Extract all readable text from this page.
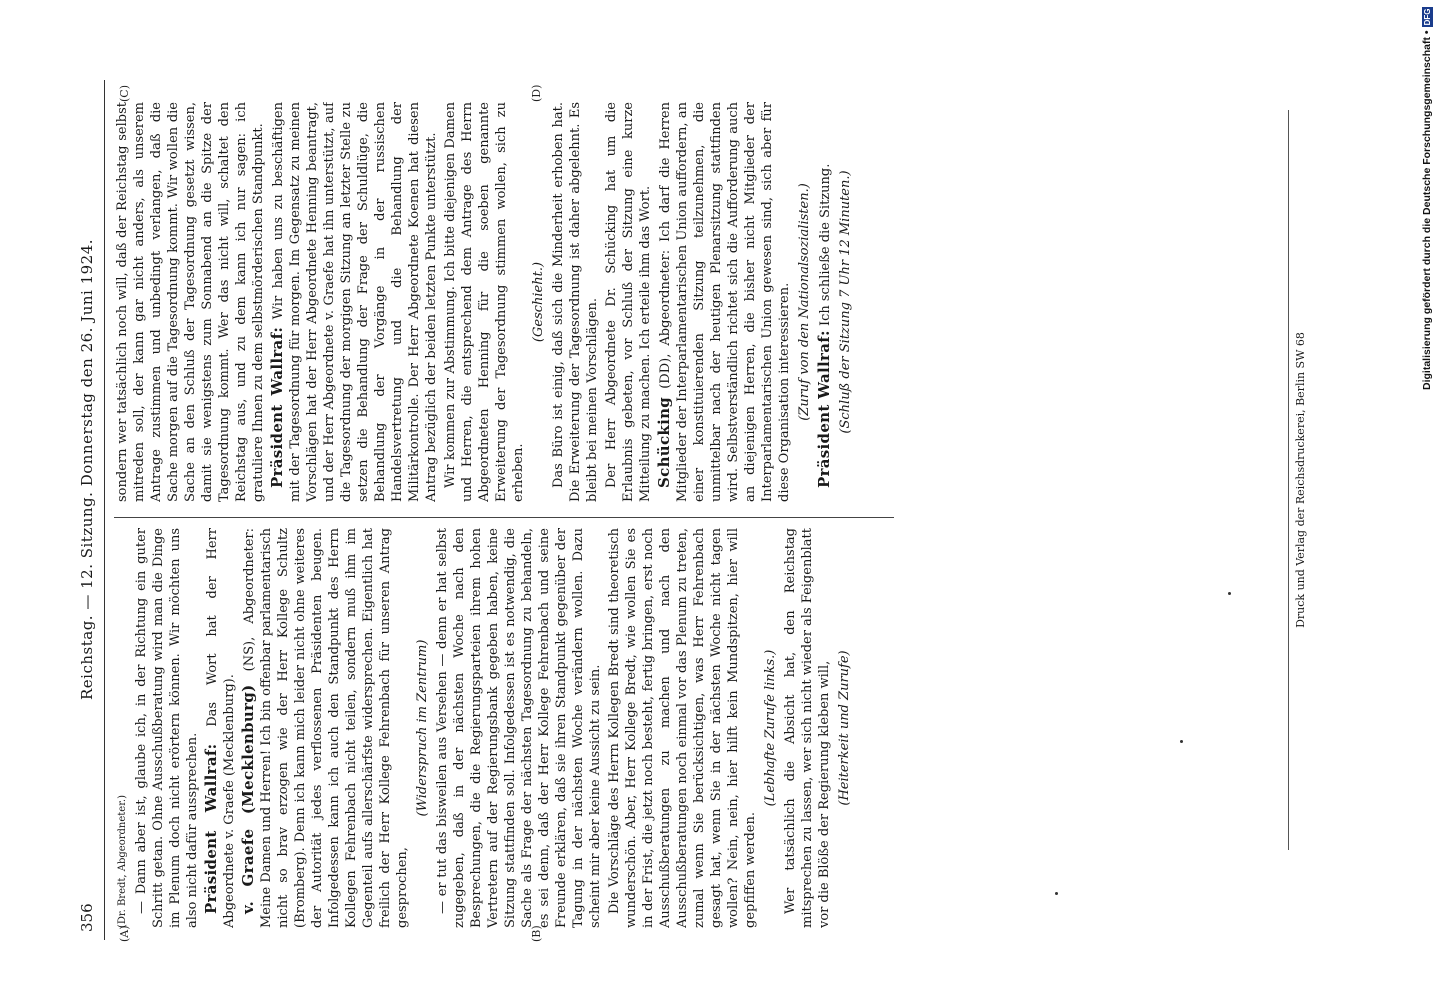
356
Reichstag. — 12. Sitzung. Donnerstag den 26. Juni 1924.
(A)	(B)
(C)	(D)

(Dr. Bredt, Abgeordneter.) — Dann aber ist, glaube ich, in der Richtung ein guter Schritt getan. Ohne Ausschußberatung wird man die Dinge im Plenum doch nicht erörtern können. Wir möchten uns also nicht dafür aussprechen. Präsident Wallraf: Das Wort hat der Herr Abgeordnete v. Graefe (Mecklenburg). v. Graefe (Mecklenburg) (NS), Abgeordneter: Meine Damen und Herren! Ich bin offenbar parlamentarisch nicht so brav erzogen wie der Herr Kollege Schultz (Bromberg). Denn ich kann mich leider nicht ohne weiteres der Autorität jedes verflossenen Präsidenten beugen. Infolgedessen kann ich auch den Standpunkt des Herrn Kollegen Fehrenbach nicht teilen, sondern muß ihm im Gegenteil aufs allerschärfste widersprechen. Eigentlich hat freilich der Herr Kollege Fehrenbach für unseren Antrag gesprochen,

(Widerspruch im Zentrum) — er tut das bisweilen aus Versehen — denn er hat selbst zugegeben, daß in der nächsten Woche nach den Besprechungen, die die Regierungsparteien ihrem hohen Vertretern auf der Regierungsbank gegeben haben, keine Sitzung stattfinden soll. Infolgedessen ist es notwendig, die Sache als Frage der nächsten Tagesordnung zu behandeln, es sei denn, daß der Herr Kollege Fehrenbach und seine Freunde erklären, daß sie ihren Standpunkt gegenüber der Tagung in der nächsten Woche verändern wollen. Dazu scheint mir aber keine Aussicht zu sein. Die Vorschläge des Herrn Kollegen Bredt sind theoretisch wunderschön. Aber, Herr Kollege Bredt, wie wollen Sie es in der Frist, die jetzt noch besteht, fertig bringen, erst noch Ausschußberatungen zu machen und nach den Ausschußberatungen noch einmal vor das Plenum zu treten, zumal wenn Sie berücksichtigen, was Herr Fehrenbach gesagt hat, wenn Sie in der nächsten Woche nicht tagen wollen? Nein, nein, hier hilft kein Mundspitzen, hier will gepfiffen werden.

(Lebhafte Zurufe links.) Wer tatsächlich die Absicht hat, den Reichstag mitsprechen zu lassen, wer sich nicht wieder als Feigenblatt vor die Blöße der Regierung kleben will, (Heiterkeit und Zurufe)

sondern wer tatsächlich noch will, daß der Reichstag selbst mitreden soll, der kann gar nicht anders, als unserem Antrage zustimmen und unbedingt verlangen, daß die Sache morgen auf die Tagesordnung kommt. Wir wollen die Sache an den Schluß der Tagesordnung gesetzt wissen, damit sie wenigstens zum Sonnabend an die Spitze der Tagesordnung kommt. Wer das nicht will, schaltet den Reichstag aus, und zu dem kann ich nur sagen: ich gratuliere Ihnen zu dem selbstmörderischen Standpunkt. Präsident Wallraf: Wir haben uns zu beschäftigen mit der Tagesordnung für morgen. Im Gegensatz zu meinen Vorschlägen hat der Herr Abgeordnete Henning beantragt, und der Herr Abgeordnete v. Graefe hat ihn unterstützt, auf die Tagesordnung der morgigen Sitzung an letzter Stelle zu setzen die Behandlung der Frage der Schuldlüge, die Behandlung der Vorgänge in der russischen Handelsvertretung und die Behandlung der Militärkontrolle. Der Herr Abgeordnete Koenen hat diesen Antrag bezüglich der beiden letzten Punkte unterstützt. Wir kommen zur Abstimmung. Ich bitte diejenigen Damen und Herren, die entsprechend dem Antrage des Herrn Abgeordneten Henning für die soeben genannte Erweiterung der Tagesordnung stimmen wollen, sich zu erheben.

(Geschieht.) Das Büro ist einig, daß sich die Minderheit erhoben hat. Die Erweiterung der Tagesordnung ist daher abgelehnt. Es bleibt bei meinen Vorschlägen. Der Herr Abgeordnete Dr. Schücking hat um die Erlaubnis gebeten, vor Schluß der Sitzung eine kurze Mitteilung zu machen. Ich erteile ihm das Wort. Schücking (DD), Abgeordneter: Ich darf die Herren Mitglieder der Interparlamentarischen Union auffordern, an einer konstituierenden Sitzung teilzunehmen, die unmittelbar nach der heutigen Plenarsitzung stattfinden wird. Selbstverständlich richtet sich die Aufforderung auch an diejenigen Herren, die bisher nicht Mitglieder der Interparlamentarischen Union gewesen sind, sich aber für diese Organisation interessieren. (Zuruf von den Nationalsozialisten.) Präsident Wallraf: Ich schließe die Sitzung. (Schluß der Sitzung 7 Uhr 12 Minuten.)

Druck und Verlag der Reichsdruckerei, Berlin SW 68
Digitalisierung gefördert durch die Deutsche Forschungsgemeinschaft •
DFG
